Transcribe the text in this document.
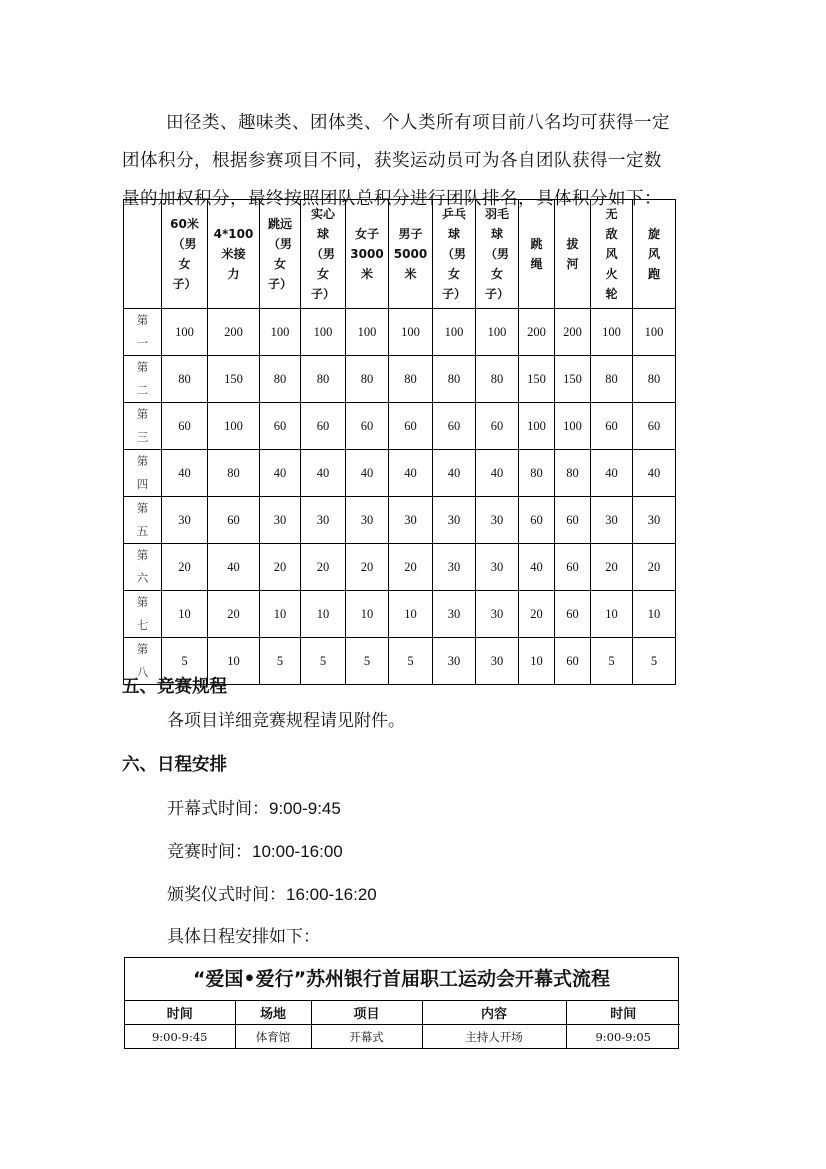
田径类、趣味类、团体类、个人类所有项目前八名均可获得一定
团体积分，根据参赛项目不同，获奖运动员可为各自团队获得一定数
量的加权积分，最终按照团队总积分进行团队排名，具体积分如下：

	60米
（男
女
子）	4*100
米接
力	跳远
（男
女
子）	实心
球
（男
女
子）	女子
3000
米	男子
5000
米	乒乓
球
（男
女
子）	羽毛
球
（男
女
子）	跳
绳	拔
河	无
敌
风
火
轮	旋
风
跑

第
一	100	200	100	100	100	100	100	100	200	200	100	100

第
二	80	150	80	80	80	80	80	80	150	150	80	80

第
三	60	100	60	60	60	60	60	60	100	100	60	60

第
四	40	80	40	40	40	40	40	40	80	80	40	40

第
五	30	60	30	30	30	30	30	30	60	60	30	30

第
六	20	40	20	20	20	20	30	30	40	60	20	20

第
七	10	20	10	10	10	10	30	30	20	60	10	10

第
八	5	10	5	5	5	5	30	30	10	60	5	5
五、竞赛规程
各项目详细竞赛规程请见附件。
六、日程安排
开幕式时间：9:00-9:45
竞赛时间：10:00-16:00
颁奖仪式时间：16:00-16:20
具体日程安排如下：
“爱国•爱行”苏州银行首届职工运动会开幕式流程
时间	场地	项目	内容	时间
9:00-9:45	体育馆	开幕式	主持人开场	9:00-9:05
